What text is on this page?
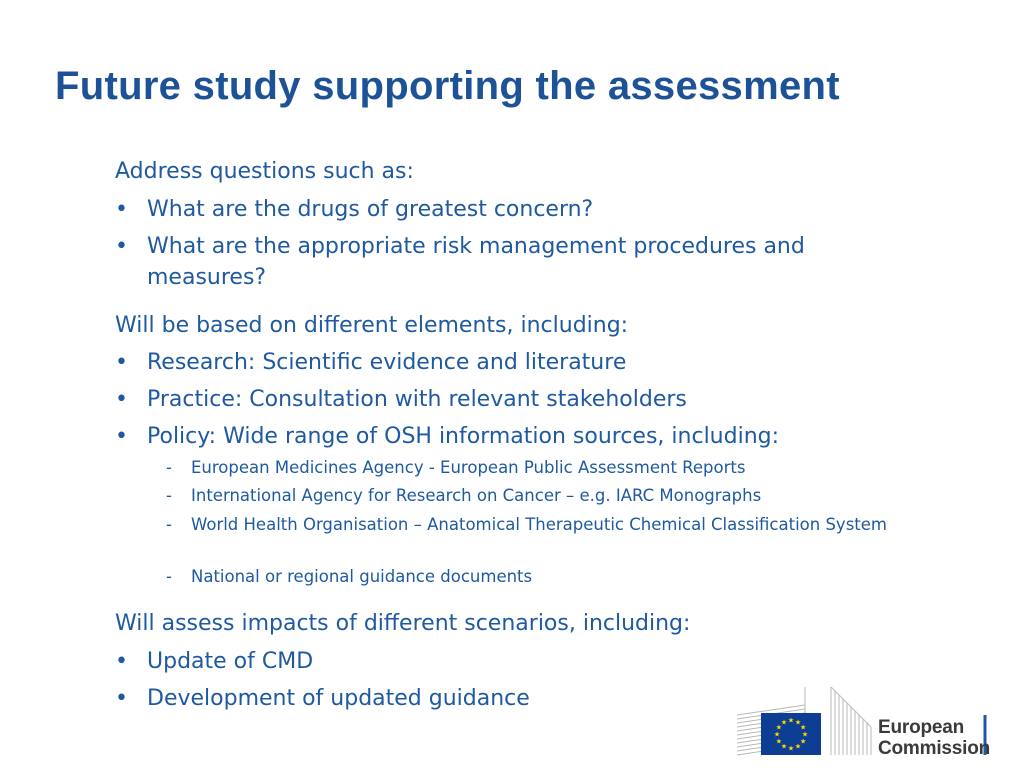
Future study supporting the assessment
Address questions such as:
• What are the drugs of greatest concern?
• What are the appropriate risk management procedures and measures?
Will be based on different elements, including:
• Research: Scientific evidence and literature
• Practice: Consultation with relevant stakeholders
• Policy: Wide range of OSH information sources, including:
- European Medicines Agency - European Public Assessment Reports
- International Agency for Research on Cancer – e.g. IARC Monographs
- World Health Organisation – Anatomical Therapeutic Chemical Classification System
- National or regional guidance documents
Will assess impacts of different scenarios, including:
• Update of CMD
• Development of updated guidance
★
★
★
★
★
★
★
★
★ ★ ★
★	European
Commission
